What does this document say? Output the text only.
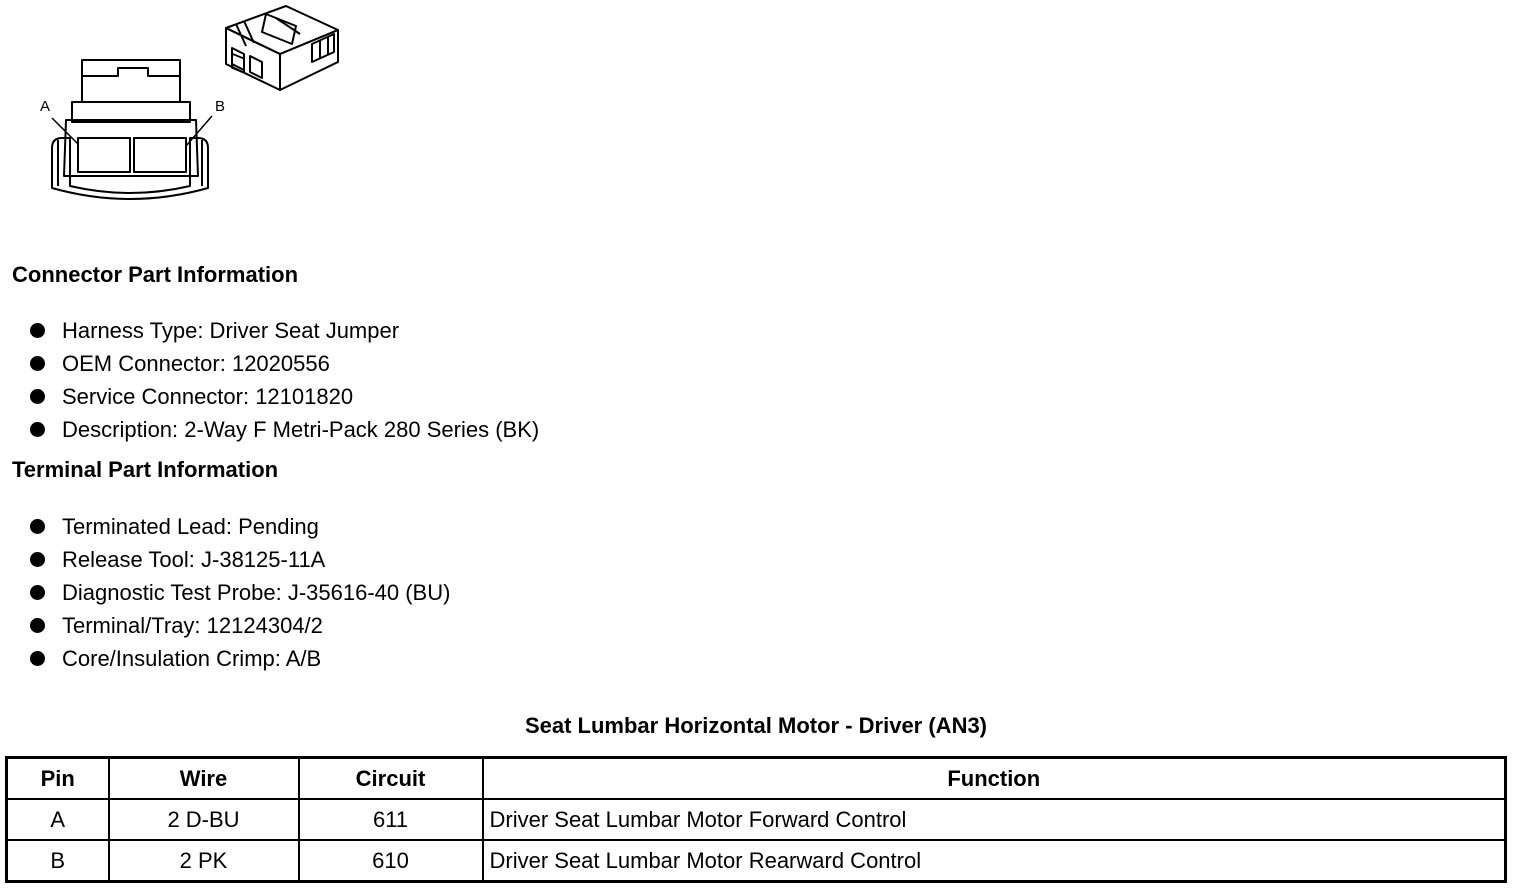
A	B
Connector Part Information
Harness Type: Driver Seat Jumper
OEM Connector: 12020556
Service Connector: 12101820
Description: 2-Way F Metri-Pack 280 Series (BK)
Terminal Part Information
Terminated Lead: Pending
Release Tool: J-38125-11A
Diagnostic Test Probe: J-35616-40 (BU)
Terminal/Tray: 12124304/2
Core/Insulation Crimp: A/B
Seat Lumbar Horizontal Motor - Driver (AN3)
Pin	Wire	Circuit	Function
A	2 D-BU	611	Driver Seat Lumbar Motor Forward Control
B	2 PK	610	Driver Seat Lumbar Motor Rearward Control
